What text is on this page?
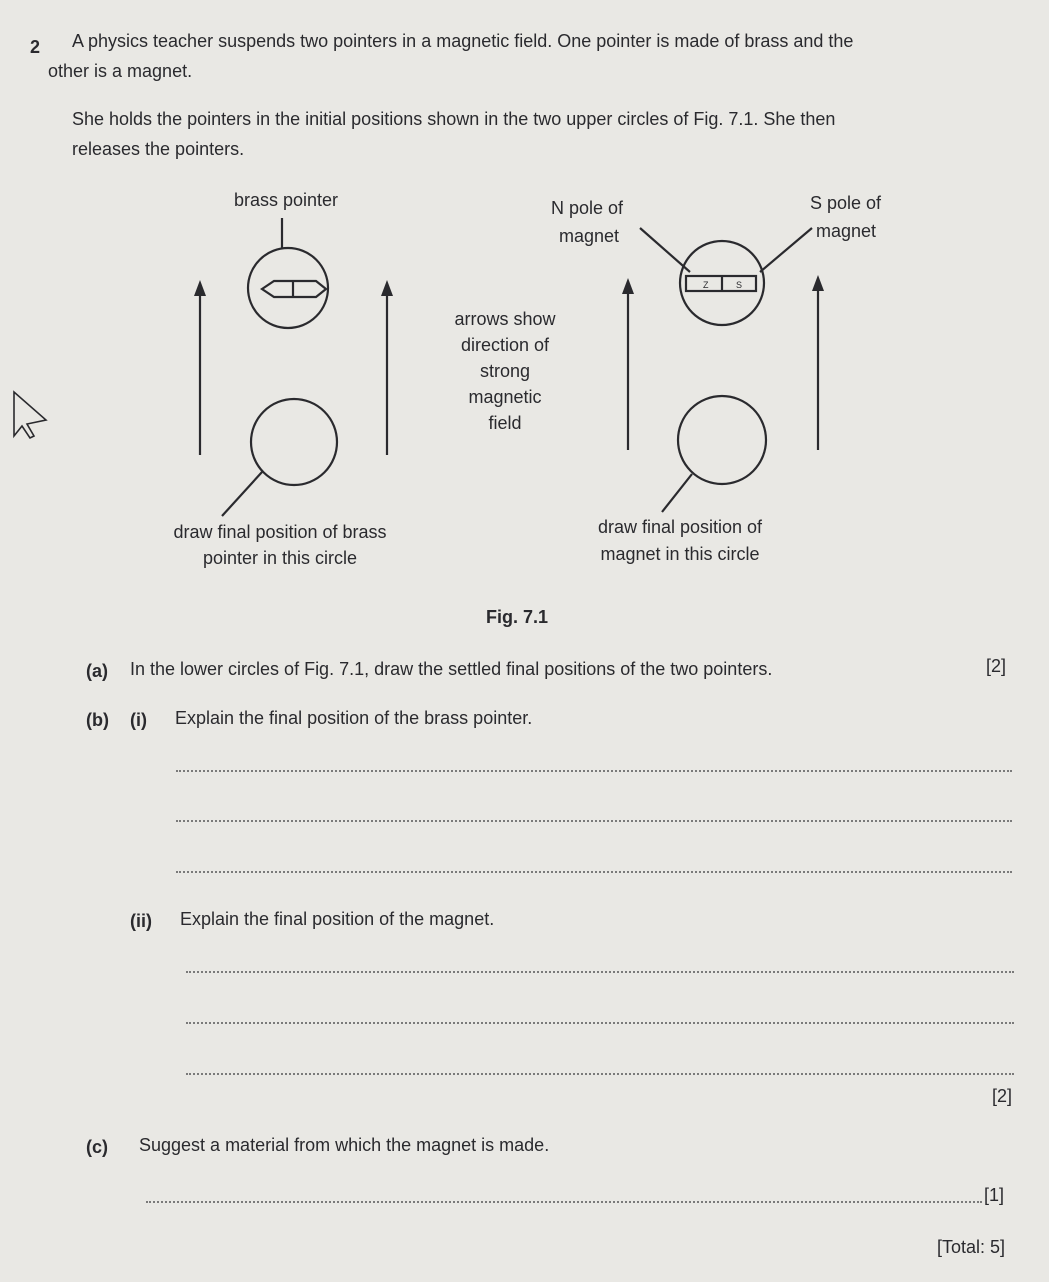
2 A physics teacher suspends two pointers in a magnetic field. One pointer is made of brass and the
other is a magnet.
She holds the pointers in the initial positions shown in the two upper circles of Fig. 7.1. She then
releases the pointers.
Z	S
brass pointer	N pole of
magnet
S pole of
magnet
arrows show
direction of
strong
magnetic
field
draw final position of brass
pointer in this circle
draw final position of
magnet in this circle
Fig. 7.1
(a) In the lower circles of Fig. 7.1, draw the settled final positions of the two pointers.	[2]
(b) (i) Explain the final position of the brass pointer.
(ii) Explain the final position of the magnet.
[2]
(c) Suggest a material from which the magnet is made.
[1]
[Total: 5]
